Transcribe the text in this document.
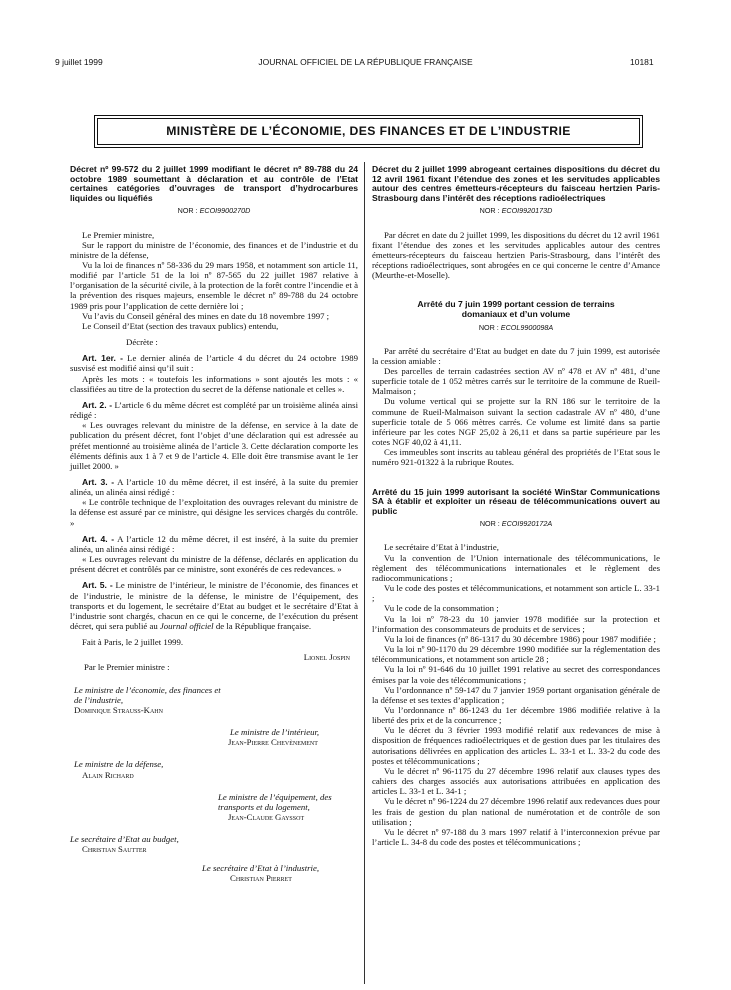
9 juillet 1999	JOURNAL OFFICIEL DE LA RÉPUBLIQUE FRANÇAISE	10181
MINISTÈRE DE L’ÉCONOMIE, DES FINANCES ET DE L’INDUSTRIE
Décret nº 99-572 du 2 juillet 1999 modifiant le décret nº 89-788 du 24 octobre 1989 soumettant à déclaration et au contrôle de l’Etat certaines catégories d’ouvrages de transport d’hydrocarbures liquides ou liquéfiés
NOR : ECOI9900270D

Le Premier ministre,

Sur le rapport du ministre de l’économie, des finances et de l’industrie et du ministre de la défense,

Vu la loi de finances nº 58-336 du 29 mars 1958, et notamment son article 11, modifié par l’article 51 de la loi nº 87-565 du 22 juillet 1987 relative à l’organisation de la sécurité civile, à la protection de la forêt contre l’incendie et à la prévention des risques majeurs, ensemble le décret nº 89-788 du 24 octobre 1989 pris pour l’application de cette dernière loi ;

Vu l’avis du Conseil général des mines en date du 18 novembre 1997 ;

Le Conseil d’Etat (section des travaux publics) entendu,

Décrète :

Art. 1er. - Le dernier alinéa de l’article 4 du décret du 24 octobre 1989 susvisé est modifié ainsi qu’il suit :

Après les mots : « toutefois les informations » sont ajoutés les mots : « classifiées au titre de la protection du secret de la défense nationale et celles ».

Art. 2. - L’article 6 du même décret est complété par un troisième alinéa ainsi rédigé :

« Les ouvrages relevant du ministre de la défense, en service à la date de publication du présent décret, font l’objet d’une déclaration qui est adressée au préfet mentionné au troisième alinéa de l’article 3. Cette déclaration comporte les éléments définis aux 1 à 7 et 9 de l’article 4. Elle doit être transmise avant le 1er juillet 2000. »

Art. 3. - A l’article 10 du même décret, il est inséré, à la suite du premier alinéa, un alinéa ainsi rédigé :

« Le contrôle technique de l’exploitation des ouvrages relevant du ministre de la défense est assuré par ce ministre, qui désigne les services chargés du contrôle. »

Art. 4. - A l’article 12 du même décret, il est inséré, à la suite du premier alinéa, un alinéa ainsi rédigé :

« Les ouvrages relevant du ministre de la défense, déclarés en application du présent décret et contrôlés par ce ministre, sont exonérés de ces redevances. »

Art. 5. - Le ministre de l’intérieur, le ministre de l’économie, des finances et de l’industrie, le ministre de la défense, le ministre de l’équipement, des transports et du logement, le secrétaire d’Etat au budget et le secrétaire d’Etat à l’industrie sont chargés, chacun en ce qui le concerne, de l’exécution du présent décret, qui sera publié au Journal officiel de la République française.

Fait à Paris, le 2 juillet 1999.

Lionel Jospin
Par le Premier ministre :
Le ministre de l’économie, des finances et de l’industrie,
Dominique Strauss-Kahn
Le ministre de l’intérieur,
Jean-Pierre Chevènement
Le ministre de la défense,
Alain Richard
Le ministre de l’équipement, des transports et du logement,
Jean-Claude Gayssot
Le secrétaire d’Etat au budget,
Christian Sautter
Le secrétaire d’Etat à l’industrie,
Christian Pierret
Décret du 2 juillet 1999 abrogeant certaines dispositions du décret du 12 avril 1961 fixant l’étendue des zones et les servitudes applicables autour des centres émetteurs-récepteurs du faisceau hertzien Paris-Strasbourg dans l’intérêt des réceptions radioélectriques
NOR : ECOI9920173D

Par décret en date du 2 juillet 1999, les dispositions du décret du 12 avril 1961 fixant l’étendue des zones et les servitudes applicables autour des centres émetteurs-récepteurs du faisceau hertzien Paris-Strasbourg, dans l’intérêt des réceptions radioélectriques, sont abrogées en ce qui concerne le centre d’Amance (Meurthe-et-Moselle).

Arrêté du 7 juin 1999 portant cession de terrains domaniaux et d’un volume
NOR : ECOL9900098A

Par arrêté du secrétaire d’Etat au budget en date du 7 juin 1999, est autorisée la cession amiable :

Des parcelles de terrain cadastrées section AV nº 478 et AV nº 481, d’une superficie totale de 1 052 mètres carrés sur le territoire de la commune de Rueil-Malmaison ;

Du volume vertical qui se projette sur la RN 186 sur le territoire de la commune de Rueil-Malmaison suivant la section cadastrale AV nº 480, d’une superficie totale de 5 066 mètres carrés. Ce volume est limité dans sa partie inférieure par les cotes NGF 25,02 à 26,11 et dans sa partie supérieure par les cotes NGF 40,02 à 41,11.

Ces immeubles sont inscrits au tableau général des propriétés de l’Etat sous le numéro 921-01322 à la rubrique Routes.

Arrêté du 15 juin 1999 autorisant la société WinStar Communications SA à établir et exploiter un réseau de télécommunications ouvert au public
NOR : ECOI9920172A

Le secrétaire d’Etat à l’industrie,

Vu la convention de l’Union internationale des télécommunications, le règlement des télécommunications internationales et le règlement des radiocommunications ;

Vu le code des postes et télécommunications, et notamment son article L. 33-1 ;

Vu le code de la consommation ;

Vu la loi nº 78-23 du 10 janvier 1978 modifiée sur la protection et l’information des consommateurs de produits et de services ;

Vu la loi de finances (nº 86-1317 du 30 décembre 1986) pour 1987 modifiée ;

Vu la loi nº 90-1170 du 29 décembre 1990 modifiée sur la réglementation des télécommunications, et notamment son article 28 ;

Vu la loi nº 91-646 du 10 juillet 1991 relative au secret des correspondances émises par la voie des télécommunications ;

Vu l’ordonnance nº 59-147 du 7 janvier 1959 portant organisation générale de la défense et ses textes d’application ;

Vu l’ordonnance nº 86-1243 du 1er décembre 1986 modifiée relative à la liberté des prix et de la concurrence ;

Vu le décret du 3 février 1993 modifié relatif aux redevances de mise à disposition de fréquences radioélectriques et de gestion dues par les titulaires des autorisations délivrées en application des articles L. 33-1 et L. 33-2 du code des postes et télécommunications ;

Vu le décret nº 96-1175 du 27 décembre 1996 relatif aux clauses types des cahiers des charges associés aux autorisations attribuées en application des articles L. 33-1 et L. 34-1 ;

Vu le décret nº 96-1224 du 27 décembre 1996 relatif aux redevances dues pour les frais de gestion du plan national de numérotation et de contrôle de son utilisation ;

Vu le décret nº 97-188 du 3 mars 1997 relatif à l’interconnexion prévue par l’article L. 34-8 du code des postes et télécommunications ;
